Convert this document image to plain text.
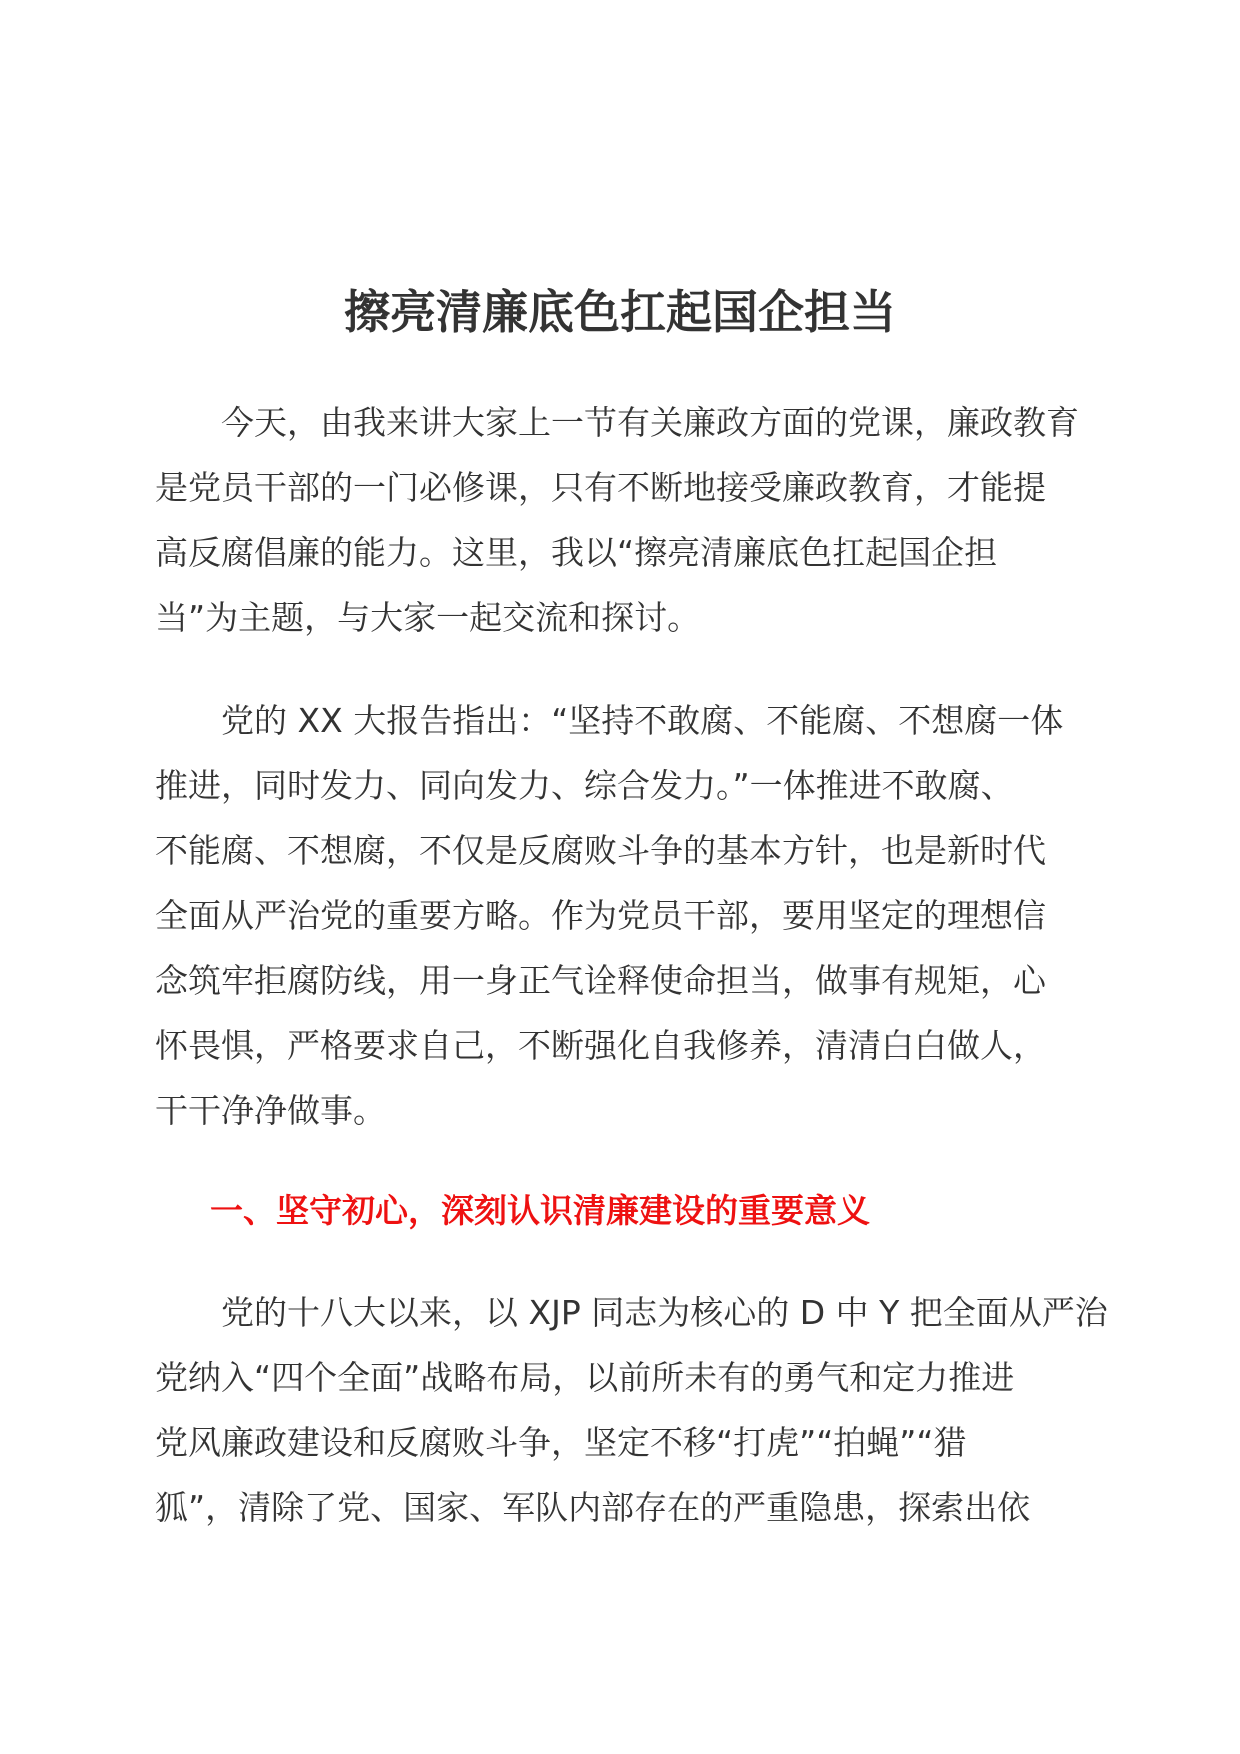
擦亮清廉底色扛起国企担当

　　今天，由我来讲大家上一节有关廉政方面的党课，廉政教育
是党员干部的一门必修课，只有不断地接受廉政教育，才能提
高反腐倡廉的能力。这里，我以“擦亮清廉底色扛起国企担
当”为主题，与大家一起交流和探讨。

　　党的 XX 大报告指出：“坚持不敢腐、不能腐、不想腐一体
推进，同时发力、同向发力、综合发力。”一体推进不敢腐、
不能腐、不想腐，不仅是反腐败斗争的基本方针，也是新时代
全面从严治党的重要方略。作为党员干部，要用坚定的理想信
念筑牢拒腐防线，用一身正气诠释使命担当，做事有规矩，心
怀畏惧，严格要求自己，不断强化自我修养，清清白白做人，
干干净净做事。

一、坚守初心，深刻认识清廉建设的重要意义

　　党的十八大以来，以 XJP 同志为核心的 D 中 Y 把全面从严治
党纳入“四个全面”战略布局，以前所未有的勇气和定力推进
党风廉政建设和反腐败斗争，坚定不移“打虎”“拍蝇”“猎
狐”，清除了党、国家、军队内部存在的严重隐患，探索出依
